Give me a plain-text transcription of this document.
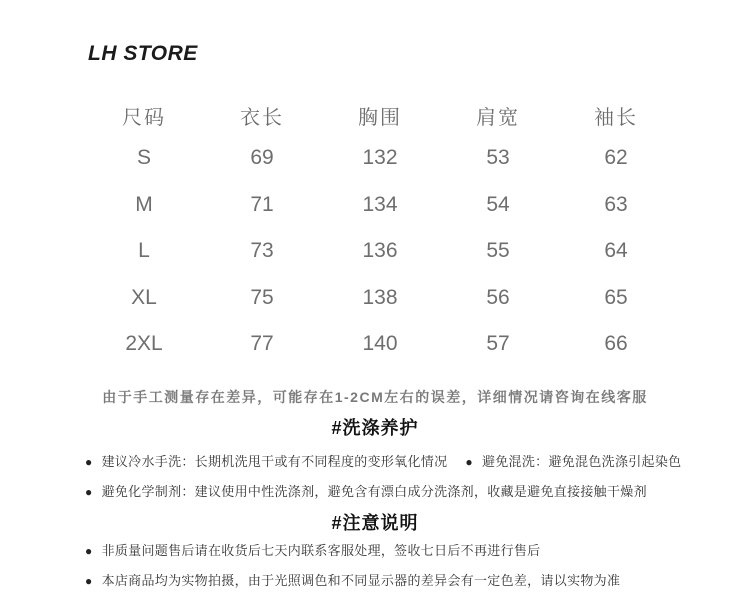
LH STORE
尺码	衣长	胸围	肩宽	袖长
S	69	132	53	62
M	71	134	54	63
L	73	136	55	64
XL	75	138	56	65
2XL	77	140	57	66
由于手工测量存在差异，可能存在1-2CM左右的误差，详细情况请咨询在线客服
#洗涤养护
● 建议冷水手洗：长期机洗甩干或有不同程度的变形氧化情况 ● 避免混洗：避免混色洗涤引起染色
● 避免化学制剂：建议使用中性洗涤剂，避免含有漂白成分洗涤剂，收藏是避免直接接触干燥剂
#注意说明
● 非质量问题售后请在收货后七天内联系客服处理，签收七日后不再进行售后
● 本店商品均为实物拍摄，由于光照调色和不同显示器的差异会有一定色差，请以实物为准
